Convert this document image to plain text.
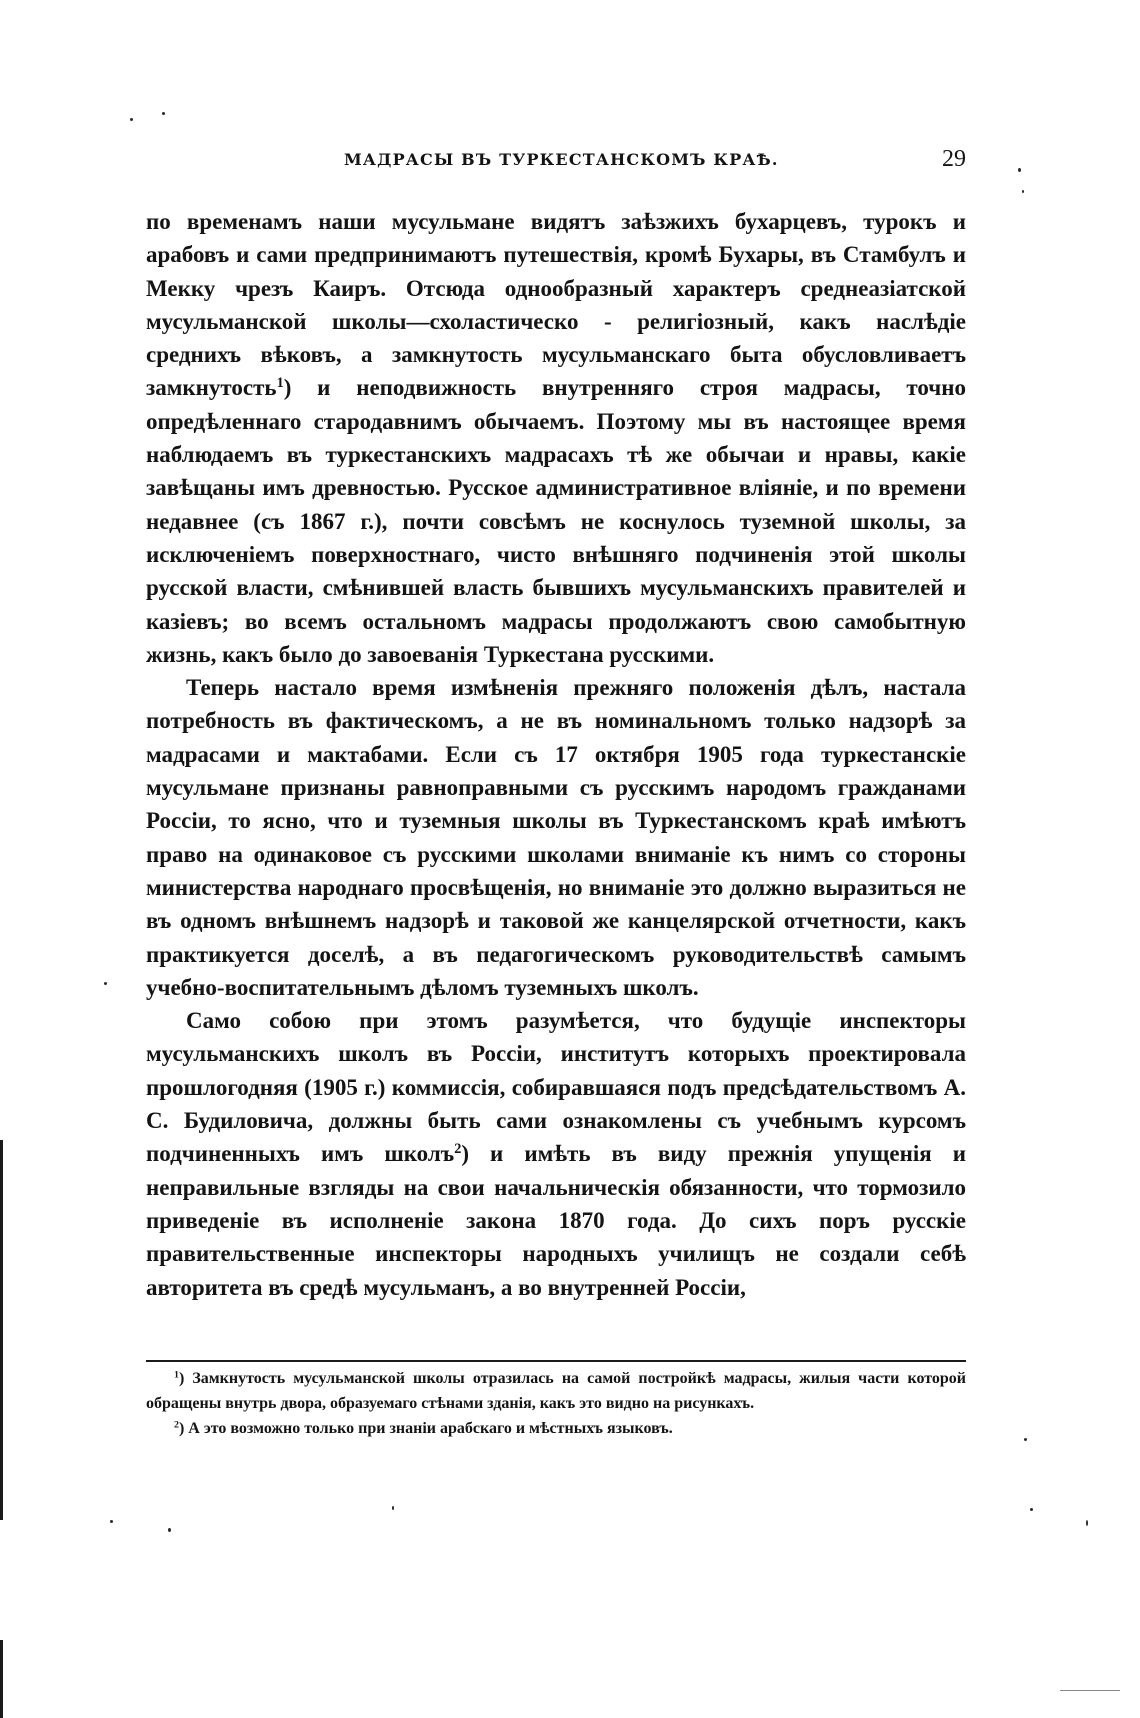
МАДРАСЫ ВЪ ТУРКЕСТАНСКОМЪ КРАѢ.	29

по временамъ наши мусульмане видятъ заѣзжихъ бухарцевъ, турокъ и арабовъ и сами предпринимаютъ путешествія, кромѣ Бухары, въ Стамбулъ и Мекку чрезъ Каиръ. Отсюда однообразный характеръ среднеазіатской мусульманской школы—схоластическо - религіозный, какъ наслѣдіе среднихъ вѣковъ, а замкнутость мусульманскаго быта обусловливаетъ замкнутость$^1$) и неподвижность внутренняго строя мадрасы, точно опредѣленнаго стародавнимъ обычаемъ. Поэтому мы въ настоящее время наблюдаемъ въ туркестанскихъ мадрасахъ тѣ же обычаи и нравы, какіе завѣщаны имъ древностью. Русское административное вліяніе, и по времени недавнее (съ 1867 г.), почти совсѣмъ не коснулось туземной школы, за исключеніемъ поверхностнаго, чисто внѣшняго подчиненія этой школы русской власти, смѣнившей власть бывшихъ мусульманскихъ правителей и казіевъ; во всемъ остальномъ мадрасы продолжаютъ свою самобытную жизнь, какъ было до завоеванія Туркестана русскими.

Теперь настало время измѣненія прежняго положенія дѣлъ, настала потребность въ фактическомъ, а не въ номинальномъ только надзорѣ за мадрасами и мактабами. Если съ 17 октября 1905 года туркестанскіе мусульмане признаны равноправными съ русскимъ народомъ гражданами Россіи, то ясно, что и туземныя школы въ Туркестанскомъ краѣ имѣютъ право на одинаковое съ русскими школами вниманіе къ нимъ со стороны министерства народнаго просвѣщенія, но вниманіе это должно выразиться не въ одномъ внѣшнемъ надзорѣ и таковой же канцелярской отчетности, какъ практикуется доселѣ, а въ педагогическомъ руководительствѣ самымъ учебно-воспитательнымъ дѣломъ туземныхъ школъ.

Само собою при этомъ разумѣется, что будущіе инспекторы мусульманскихъ школъ въ Россіи, институтъ которыхъ проектировала прошлогодняя (1905 г.) коммиссія, собиравшаяся подъ предсѣдательствомъ А. С. Будиловича, должны быть сами ознакомлены съ учебнымъ курсомъ подчиненныхъ имъ школъ$^2$) и имѣть въ виду прежнія упущенія и неправильные взгляды на свои начальническія обязанности, что тормозило приведеніе въ исполненіе закона 1870 года. До сихъ поръ русскіе правительственные инспекторы народныхъ училищъ не создали себѣ авторитета въ средѣ мусульманъ, а во внутренней Россіи,

$^1$) Замкнутость мусульманской школы отразилась на самой постройкѣ мадрасы, жилыя части которой обращены внутрь двора, образуемаго стѣнами зданія, какъ это видно на рисункахъ.

$^2$) А это возможно только при знаніи арабскаго и мѣстныхъ языковъ.
